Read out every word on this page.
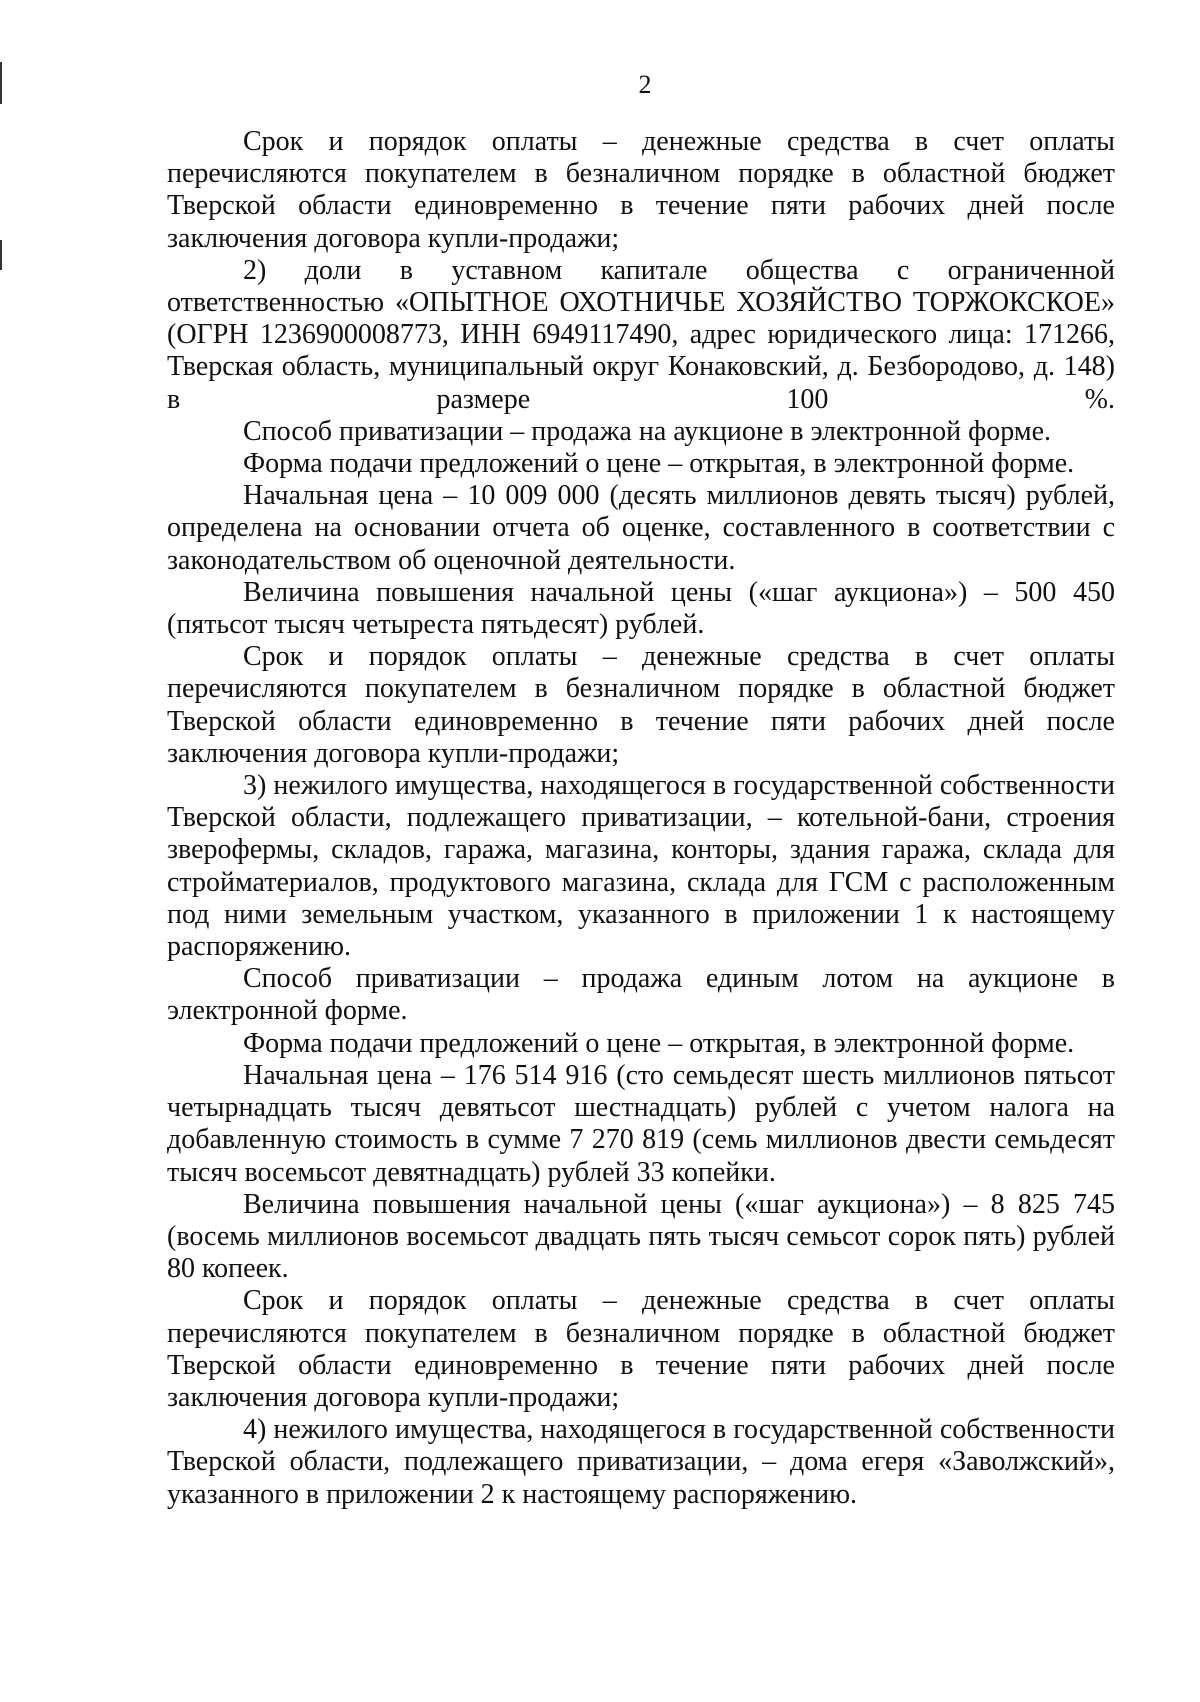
2

Срок и порядок оплаты – денежные средства в счет оплаты перечисляются покупателем в безналичном порядке в областной бюджет Тверской области единовременно в течение пяти рабочих дней после заключения договора купли-продажи;

2) доли в уставном капитале общества с ограниченной ответственностью «ОПЫТНОЕ ОХОТНИЧЬЕ ХОЗЯЙСТВО ТОРЖОКСКОЕ» (ОГРН 1236900008773, ИНН 6949117490, адрес юридического лица: 171266, Тверская область, муниципальный округ Конаковский, д. Безбородово, д. 148) в размере 100 %.

Способ приватизации – продажа на аукционе в электронной форме.

Форма подачи предложений о цене – открытая, в электронной форме.

Начальная цена – 10 009 000 (десять миллионов девять тысяч) рублей, определена на основании отчета об оценке, составленного в соответствии с законодательством об оценочной деятельности.

Величина повышения начальной цены («шаг аукциона») – 500 450 (пятьсот тысяч четыреста пятьдесят) рублей.

Срок и порядок оплаты – денежные средства в счет оплаты перечисляются покупателем в безналичном порядке в областной бюджет Тверской области единовременно в течение пяти рабочих дней после заключения договора купли-продажи;

3) нежилого имущества, находящегося в государственной собственности Тверской области, подлежащего приватизации, – котельной-бани, строения зверофермы, складов, гаража, магазина, конторы, здания гаража, склада для стройматериалов, продуктового магазина, склада для ГСМ с расположенным под ними земельным участком, указанного в приложении 1 к настоящему распоряжению.

Способ приватизации – продажа единым лотом на аукционе в электронной форме.

Форма подачи предложений о цене – открытая, в электронной форме.

Начальная цена – 176 514 916 (сто семьдесят шесть миллионов пятьсот четырнадцать тысяч девятьсот шестнадцать) рублей с учетом налога на добавленную стоимость в сумме 7 270 819 (семь миллионов двести семьдесят тысяч восемьсот девятнадцать) рублей 33 копейки.

Величина повышения начальной цены («шаг аукциона») – 8 825 745 (восемь миллионов восемьсот двадцать пять тысяч семьсот сорок пять) рублей 80 копеек.

Срок и порядок оплаты – денежные средства в счет оплаты перечисляются покупателем в безналичном порядке в областной бюджет Тверской области единовременно в течение пяти рабочих дней после заключения договора купли-продажи;

4) нежилого имущества, находящегося в государственной собственности Тверской области, подлежащего приватизации, – дома егеря «Заволжский», указанного в приложении 2 к настоящему распоряжению.
